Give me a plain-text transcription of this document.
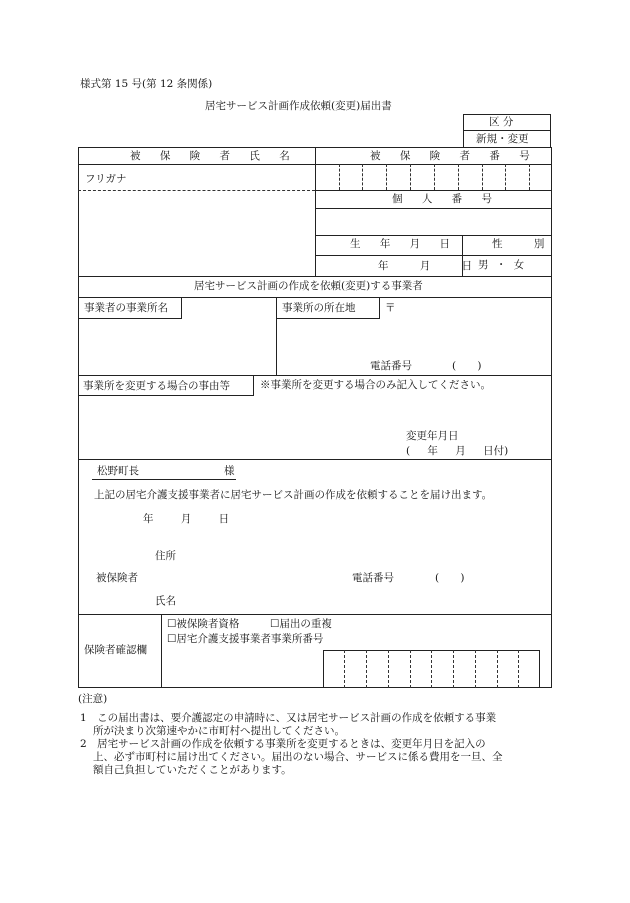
様式第 15 号(第 12 条関係)
居宅サービス計画作成依頼(変更)届出書
区 分
新規・変更
被 保 険 者 氏 名	被 保 険 者 番 号
フリガナ
個 人 番 号
生 年 月 日	性 別
年 月 日
男 ・ 女
居宅サービス計画の作成を依頼(変更)する事業者
事業者の事業所名	事業所の所在地	〒
電話番号	( )
事業所を変更する場合の事由等	※事業所を変更する場合のみ記入してください。
変更年月日
( 年 月 日付)
松野町長	様
上記の居宅介護支援事業者に居宅サービス計画の作成を依頼することを届け出ます。
年 月 日
住所
被保険者	電話番号	( )
氏名
保険者確認欄
☐被保険者資格	☐届出の重複
☐居宅介護支援事業者事業所番号
(注意)
1　この届出書は、要介護認定の申請時に、又は居宅サービス計画の作成を依頼する事業
所が決まり次第速やかに市町村へ提出してください。
2　居宅サービス計画の作成を依頼する事業所を変更するときは、変更年月日を記入の
上、必ず市町村に届け出てください。届出のない場合、サービスに係る費用を一旦、全
額自己負担していただくことがあります。
